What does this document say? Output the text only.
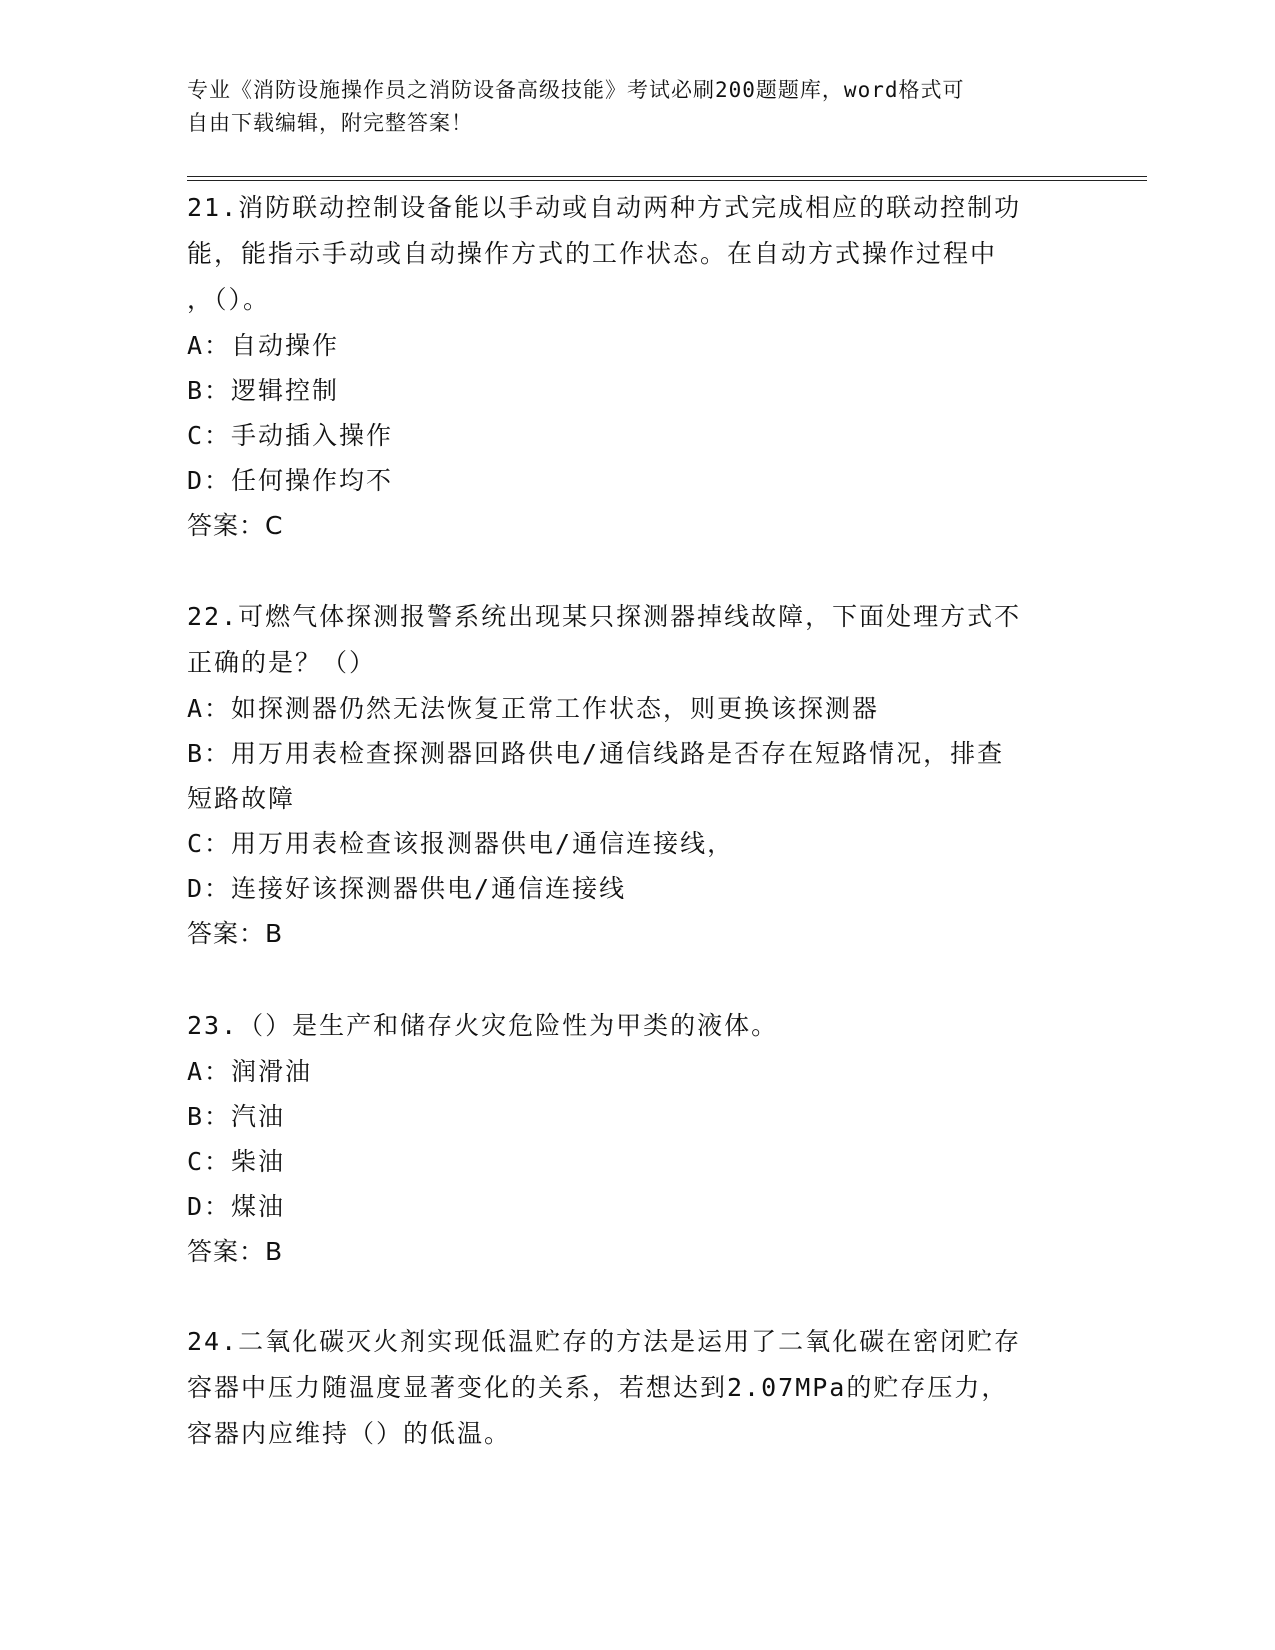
专业《消防设施操作员之消防设备高级技能》考试必刷200题题库，word格式可
自由下载编辑，附完整答案！
21.消防联动控制设备能以手动或自动两种方式完成相应的联动控制功
能，能指示手动或自动操作方式的工作状态。在自动方式操作过程中
，（）。
A：自动操作
B：逻辑控制
C：手动插入操作
D：任何操作均不
答案：C
22.可燃气体探测报警系统出现某只探测器掉线故障，下面处理方式不
正确的是？（）
A：如探测器仍然无法恢复正常工作状态，则更换该探测器
B：用万用表检查探测器回路供电/通信线路是否存在短路情况，排查
短路故障
C：用万用表检查该报测器供电/通信连接线，
D：连接好该探测器供电/通信连接线
答案：B
23.（）是生产和储存火灾危险性为甲类的液体。
A：润滑油
B：汽油
C：柴油
D：煤油
答案：B
24.二氧化碳灭火剂实现低温贮存的方法是运用了二氧化碳在密闭贮存
容器中压力随温度显著变化的关系，若想达到2.07MPa的贮存压力，
容器内应维持（）的低温。
